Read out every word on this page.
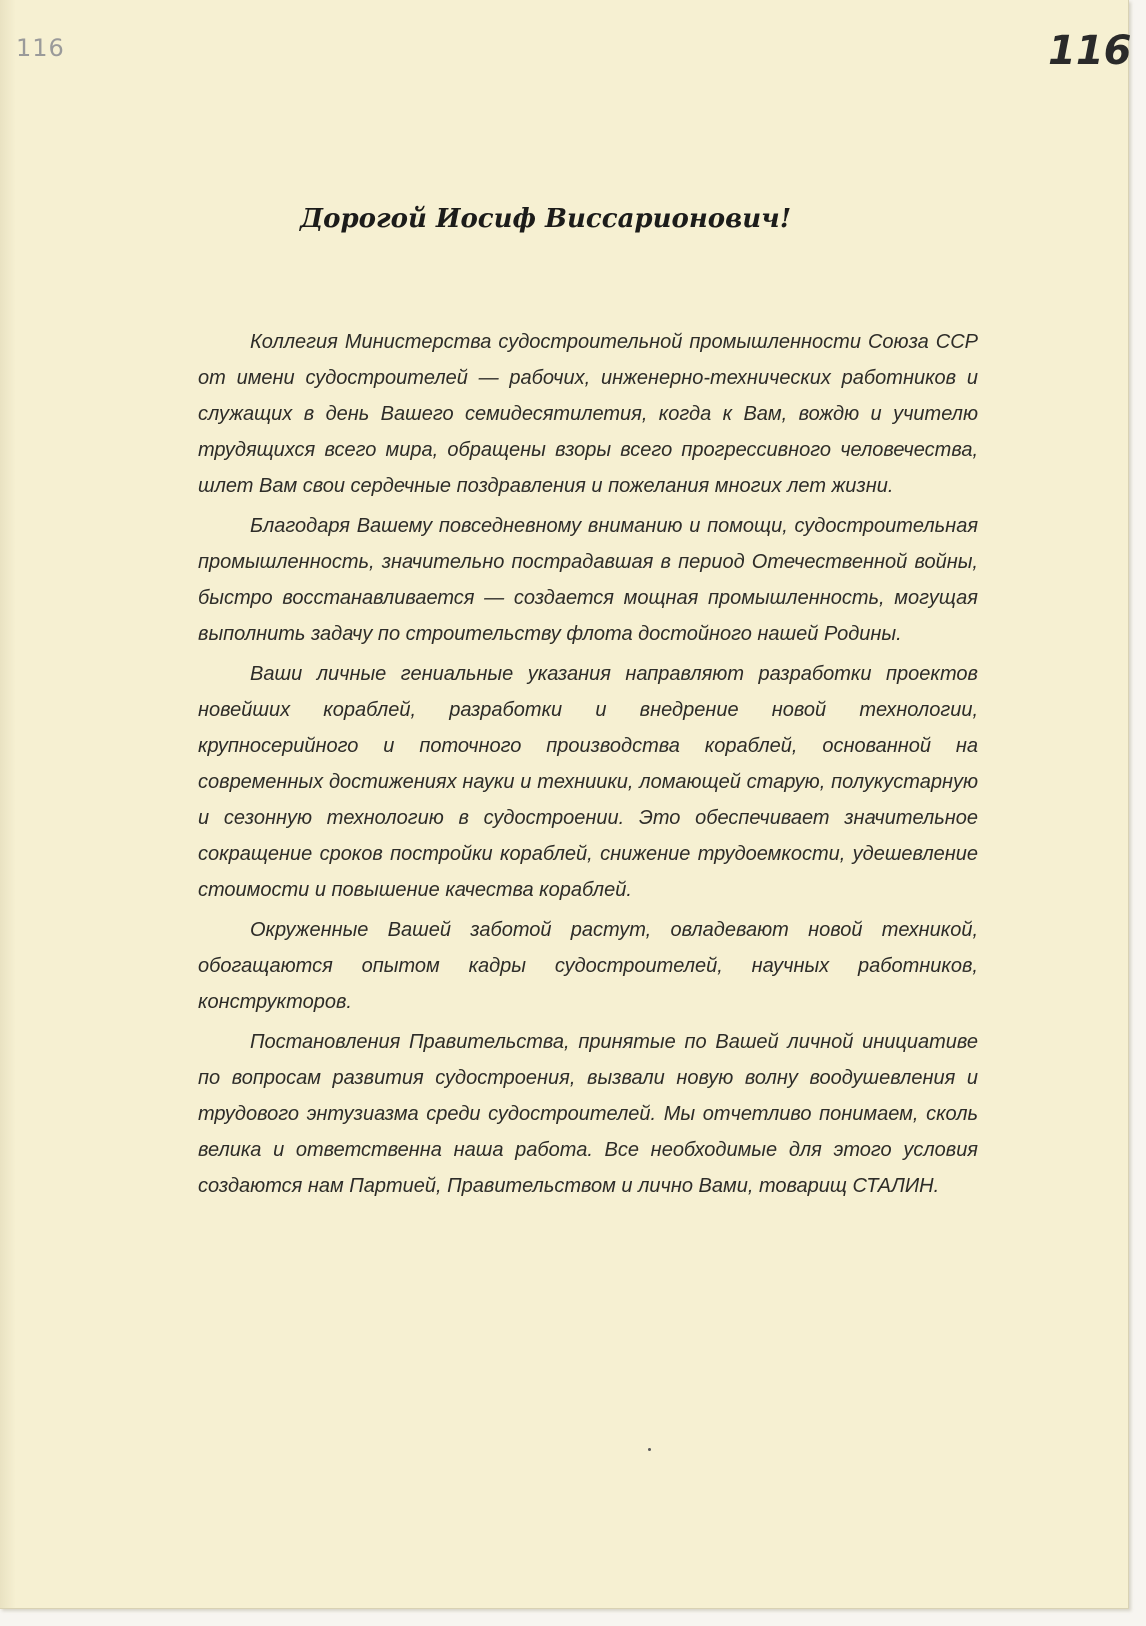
116	116
Дорогой Иосиф Виссарионович!

Коллегия Министерства судостроительной промышленности Союза ССР от имени судостроителей — рабочих, инженерно-технических работников и служащих в день Вашего семидесятилетия, когда к Вам, вождю и учителю трудящихся всего мира, обращены взоры всего прогрессивного человечества, шлет Вам свои сердечные поздравления и пожелания многих лет жизни.

Благодаря Вашему повседневному вниманию и помощи, судостроительная промышленность, значительно пострадавшая в период Отечественной войны, быстро восстанавливается — создается мощная промышленность, могущая выполнить задачу по строительству флота достойного нашей Родины.

Ваши личные гениальные указания направляют разработки проектов новейших кораблей, разработки и внедрение новой технологии, крупносерийного и поточного производства кораблей, основанной на современных достижениях науки и техниики, ломающей старую, полукустарную и сезонную технологию в судостроении. Это обеспечивает значительное сокращение сроков постройки кораблей, снижение трудоемкости, удешевление стоимости и повышение качества кораблей.

Окруженные Вашей заботой растут, овладевают новой техникой, обогащаются опытом кадры судостроителей, научных работников, конструкторов.

Постановления Правительства, принятые по Вашей личной инициативе по вопросам развития судостроения, вызвали новую волну воодушевления и трудового энтузиазма среди судостроителей. Мы отчетливо понимаем, сколь велика и ответственна наша работа. Все необходимые для этого условия создаются нам Партией, Правительством и лично Вами, товарищ СТАЛИН.
